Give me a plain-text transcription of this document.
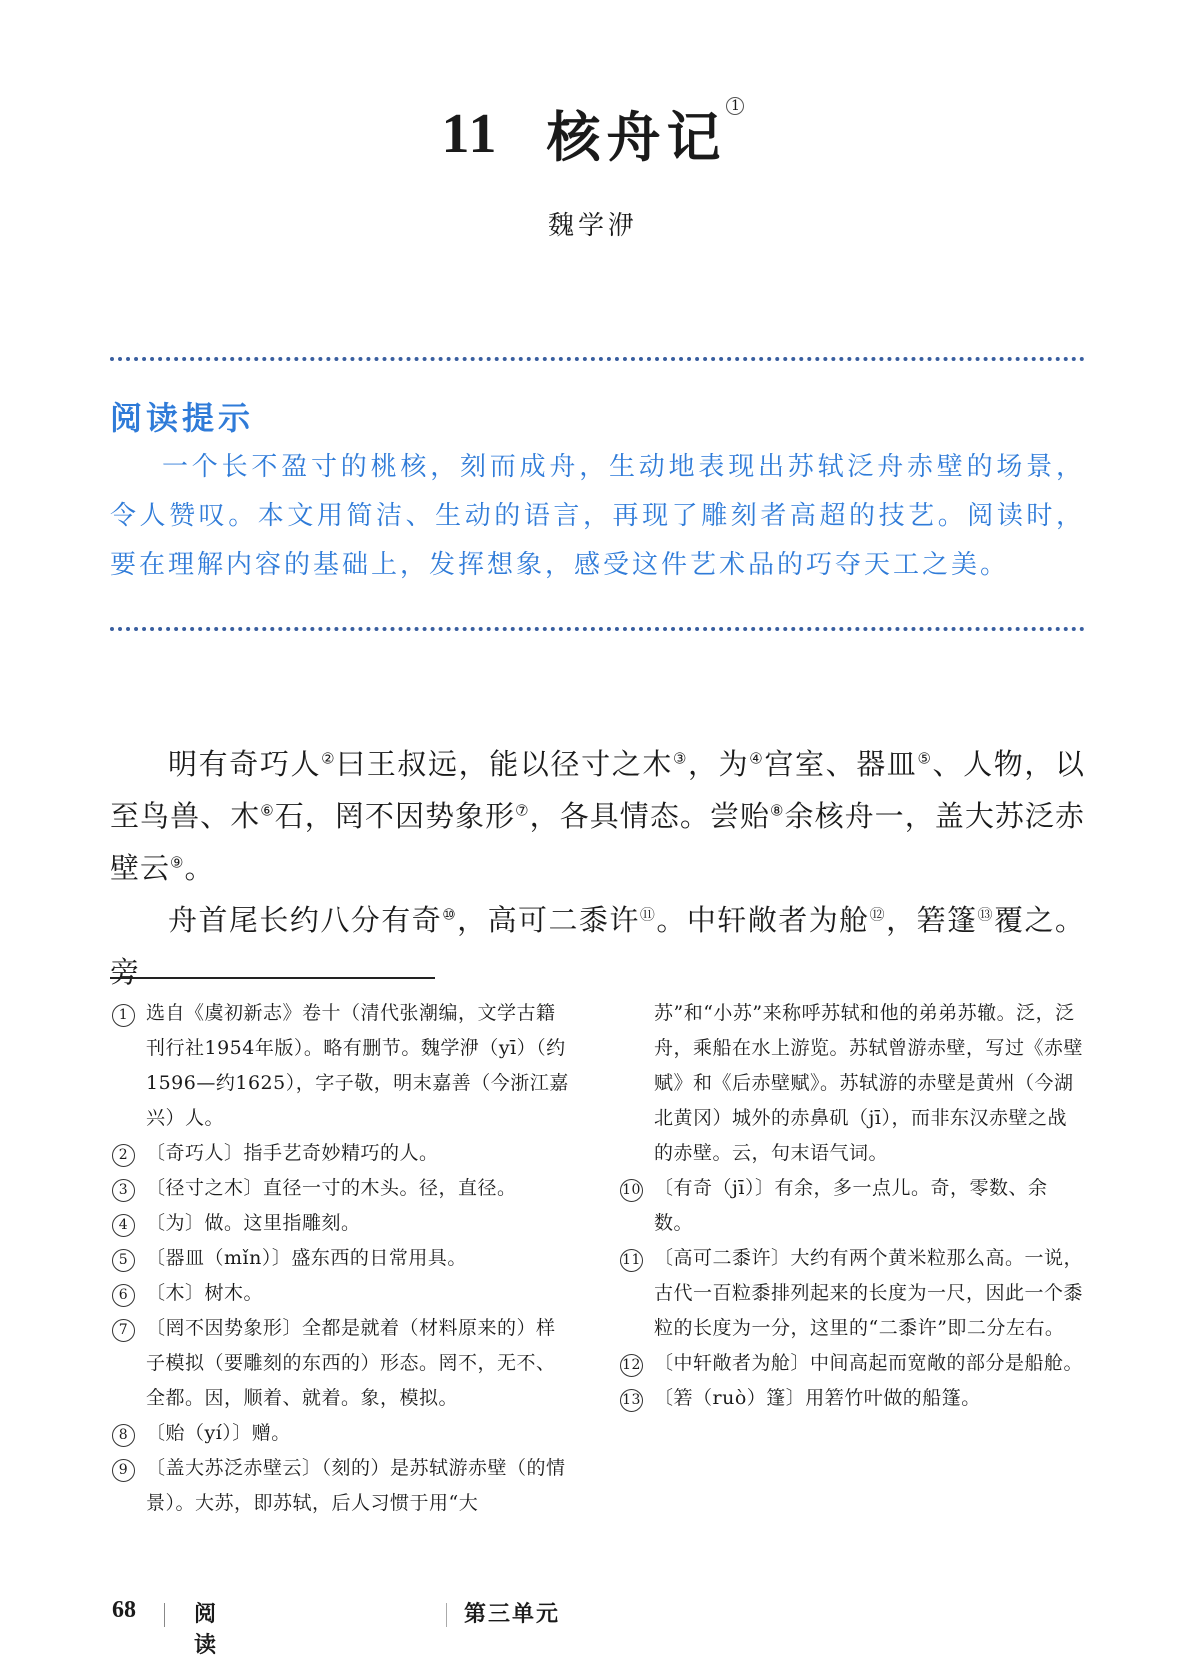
11 核舟记 1
魏学洢
阅读提示

一个长不盈寸的桃核，刻而成舟，生动地表现出苏轼泛舟赤壁的场景，令人赞叹。本文用简洁、生动的语言，再现了雕刻者高超的技艺。阅读时，要在理解内容的基础上，发挥想象，感受这件艺术品的巧夺天工之美。

明有奇巧人②曰王叔远，能以径寸之木③，为④宫室、器皿⑤、人物，以至鸟兽、木⑥石，罔不因势象形⑦，各具情态。尝贻⑧余核舟一，盖大苏泛赤壁云⑨。

舟首尾长约八分有奇⑩，高可二黍许⑪。中轩敞者为舱⑫，箬篷⑬覆之。旁

1 选自《虞初新志》卷十（清代张潮编，文学古籍刊行社1954年版）。略有删节。魏学洢（yī）（约1596—约1625），字子敬，明末嘉善（今浙江嘉兴）人。
2 〔奇巧人〕指手艺奇妙精巧的人。
3 〔径寸之木〕直径一寸的木头。径，直径。
4 〔为〕做。这里指雕刻。
5 〔器皿（mǐn）〕盛东西的日常用具。
6 〔木〕树木。
7 〔罔不因势象形〕全都是就着（材料原来的）样子模拟（要雕刻的东西的）形态。罔不，无不、全都。因，顺着、就着。象，模拟。
8 〔贻（yí）〕赠。
9 〔盖大苏泛赤壁云〕（刻的）是苏轼游赤壁（的情景）。大苏，即苏轼，后人习惯于用“大
苏”和“小苏”来称呼苏轼和他的弟弟苏辙。泛，泛舟，乘船在水上游览。苏轼曾游赤壁，写过《赤壁赋》和《后赤壁赋》。苏轼游的赤壁是黄州（今湖北黄冈）城外的赤鼻矶（jī），而非东汉赤壁之战的赤壁。云，句末语气词。
10 〔有奇（jī）〕有余，多一点儿。奇，零数、余数。
11 〔高可二黍许〕大约有两个黄米粒那么高。一说，古代一百粒黍排列起来的长度为一尺，因此一个黍粒的长度为一分，这里的“二黍许”即二分左右。
12 〔中轩敞者为舱〕中间高起而宽敞的部分是船舱。
13 〔箬（ruò）篷〕用箬竹叶做的船篷。
68	阅读
第三单元
